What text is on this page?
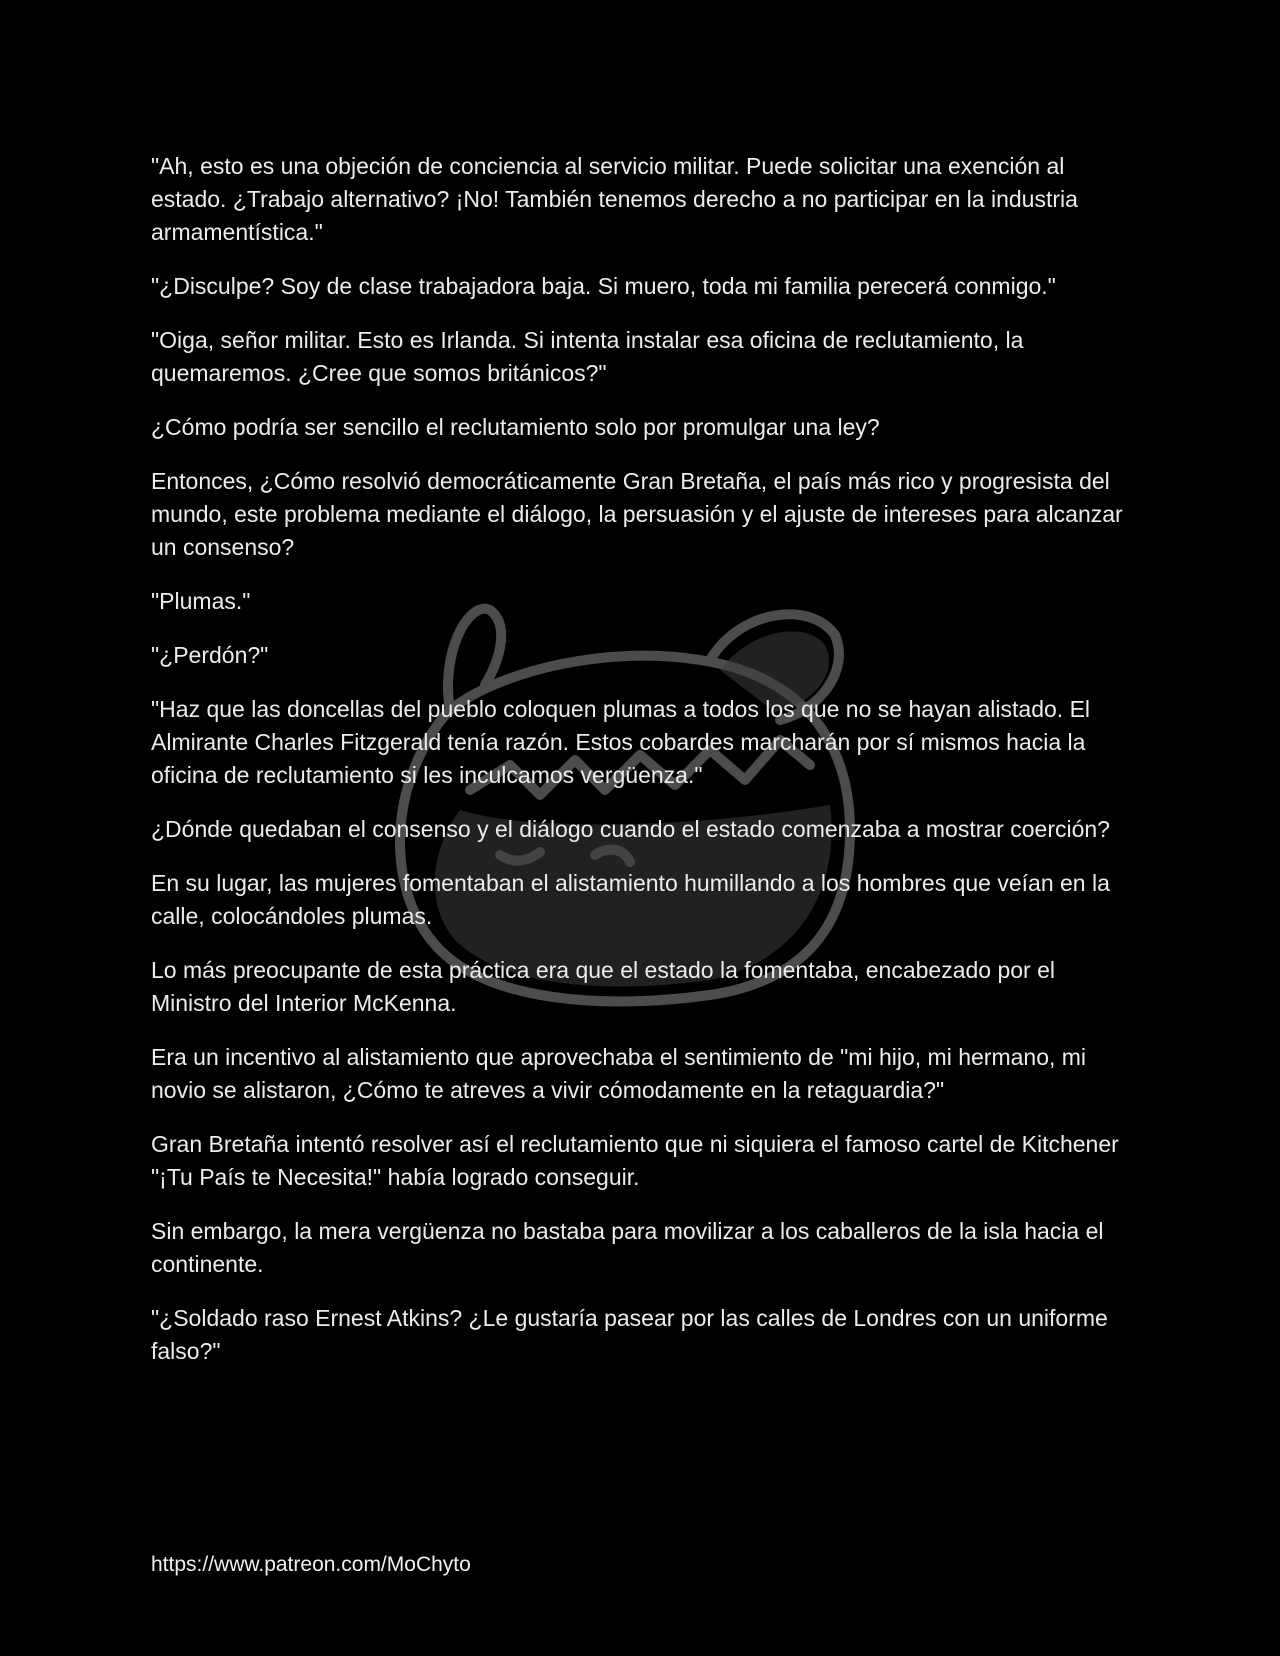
"Ah, esto es una objeción de conciencia al servicio militar. Puede solicitar una exención al estado. ¿Trabajo alternativo? ¡No! También tenemos derecho a no participar en la industria armamentística."

"¿Disculpe? Soy de clase trabajadora baja. Si muero, toda mi familia perecerá conmigo."

"Oiga, señor militar. Esto es Irlanda. Si intenta instalar esa oficina de reclutamiento, la quemaremos. ¿Cree que somos británicos?"

¿Cómo podría ser sencillo el reclutamiento solo por promulgar una ley?

Entonces, ¿Cómo resolvió democráticamente Gran Bretaña, el país más rico y progresista del mundo, este problema mediante el diálogo, la persuasión y el ajuste de intereses para alcanzar un consenso?

"Plumas."

"¿Perdón?"

"Haz que las doncellas del pueblo coloquen plumas a todos los que no se hayan alistado. El Almirante Charles Fitzgerald tenía razón. Estos cobardes marcharán por sí mismos hacia la oficina de reclutamiento si les inculcamos vergüenza."

¿Dónde quedaban el consenso y el diálogo cuando el estado comenzaba a mostrar coerción?

En su lugar, las mujeres fomentaban el alistamiento humillando a los hombres que veían en la calle, colocándoles plumas.

Lo más preocupante de esta práctica era que el estado la fomentaba, encabezado por el Ministro del Interior McKenna.

Era un incentivo al alistamiento que aprovechaba el sentimiento de "mi hijo, mi hermano, mi novio se alistaron, ¿Cómo te atreves a vivir cómodamente en la retaguardia?"

Gran Bretaña intentó resolver así el reclutamiento que ni siquiera el famoso cartel de Kitchener "¡Tu País te Necesita!" había logrado conseguir.

Sin embargo, la mera vergüenza no bastaba para movilizar a los caballeros de la isla hacia el continente.

"¿Soldado raso Ernest Atkins? ¿Le gustaría pasear por las calles de Londres con un uniforme falso?"

https://www.patreon.com/MoChyto
